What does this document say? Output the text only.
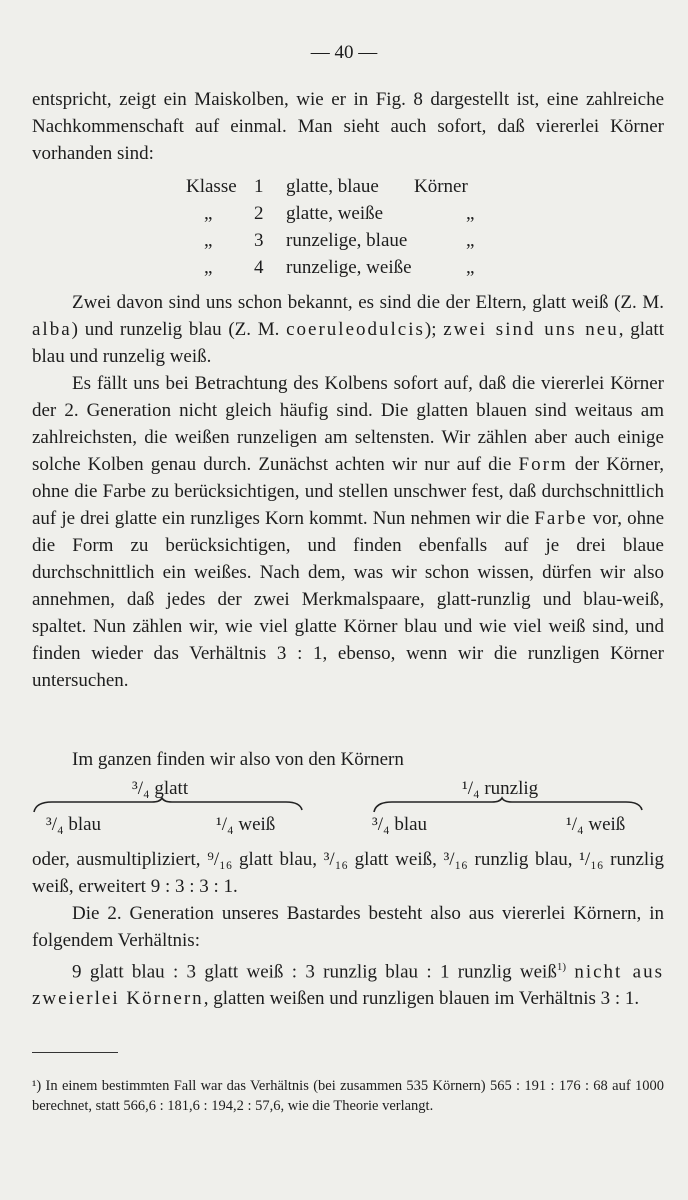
— 40 —

entspricht, zeigt ein Maiskolben, wie er in Fig. 8 dargestellt ist, eine zahlreiche Nachkommenschaft auf einmal. Man sieht auch sofort, daß viererlei Körner vorhanden sind:

Klasse 1 glatte, blaue Körner
„ 2 glatte, weiße	„
„ 3 runzelige, blaue	„
„ 4 runzelige, weiße	„

Zwei davon sind uns schon bekannt, es sind die der Eltern, glatt weiß (Z. M. alba) und runzelig blau (Z. M. coeruleodulcis); zwei sind uns neu, glatt blau und runzelig weiß.

Es fällt uns bei Betrachtung des Kolbens sofort auf, daß die viererlei Körner der 2. Generation nicht gleich häufig sind. Die glatten blauen sind weitaus am zahlreichsten, die weißen runzeligen am seltensten. Wir zählen aber auch einige solche Kolben genau durch. Zunächst achten wir nur auf die Form der Körner, ohne die Farbe zu berücksichtigen, und stellen unschwer fest, daß durchschnittlich auf je drei glatte ein runzliges Korn kommt. Nun nehmen wir die Farbe vor, ohne die Form zu berücksichtigen, und finden ebenfalls auf je drei blaue durchschnittlich ein weißes. Nach dem, was wir schon wissen, dürfen wir also annehmen, daß jedes der zwei Merkmalspaare, glatt-runzlig und blau-weiß, spaltet. Nun zählen wir, wie viel glatte Körner blau und wie viel weiß sind, und finden wieder das Verhältnis 3 : 1, ebenso, wenn wir die runzligen Körner untersuchen.

Im ganzen finden wir also von den Körnern

³/₄ glatt	¹/₄ runzlig
³/₄ blau	¹/₄ weiß	³/₄ blau	¹/₄ weiß

oder, ausmultipliziert, ⁹/₁₆ glatt blau, ³/₁₆ glatt weiß, ³/₁₆ runzlig blau, ¹/₁₆ runzlig weiß, erweitert 9 : 3 : 3 : 1.

Die 2. Generation unseres Bastardes besteht also aus viererlei Körnern, in folgendem Verhältnis:

9 glatt blau : 3 glatt weiß : 3 runzlig blau : 1 runzlig weiß$^{1)}$ nicht aus zweierlei Körnern, glatten weißen und runzligen blauen im Verhältnis 3 : 1.

¹) In einem bestimmten Fall war das Verhältnis (bei zusammen 535 Körnern) 565 : 191 : 176 : 68 auf 1000 berechnet, statt 566,6 : 181,6 : 194,2 : 57,6, wie die Theorie verlangt.
